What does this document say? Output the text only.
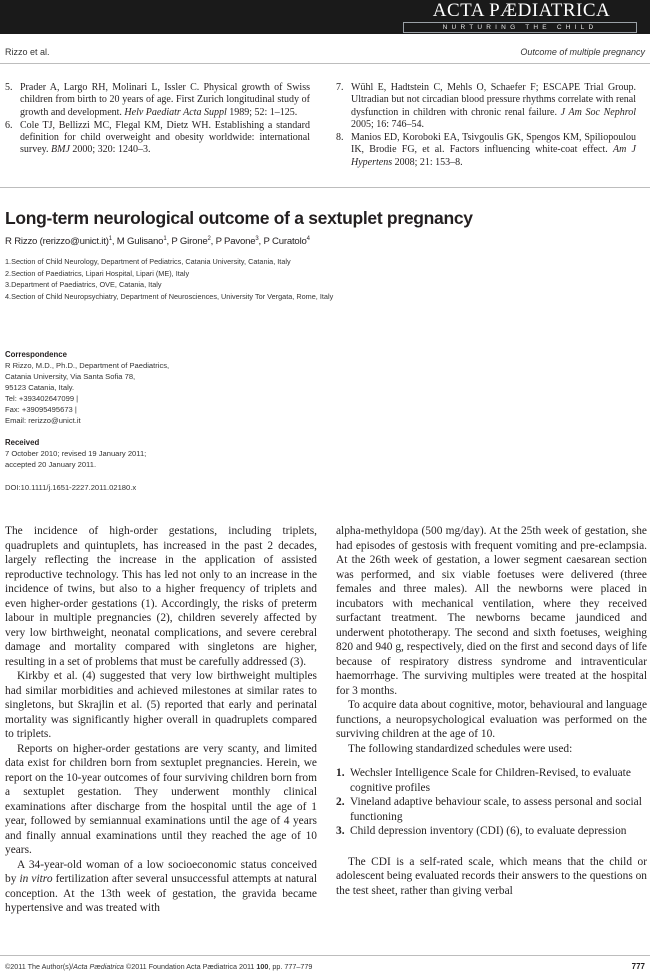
ACTA PÆDIATRICA
NURTURING THE CHILD
Rizzo et al.	Outcome of multiple pregnancy
5. Prader A, Largo RH, Molinari L, Issler C. Physical growth of Swiss children from birth to 20 years of age. First Zurich longitudinal study of growth and development. Helv Paediatr Acta Suppl 1989; 52: 1–125.
6. Cole TJ, Bellizzi MC, Flegal KM, Dietz WH. Establishing a standard definition for child overweight and obesity worldwide: international survey. BMJ 2000; 320: 1240–3.
7. Wühl E, Hadtstein C, Mehls O, Schaefer F; ESCAPE Trial Group. Ultradian but not circadian blood pressure rhythms correlate with renal dysfunction in children with chronic renal failure. J Am Soc Nephrol 2005; 16: 746–54.
8. Manios ED, Koroboki EA, Tsivgoulis GK, Spengos KM, Spiliopoulou IK, Brodie FG, et al. Factors influencing white-coat effect. Am J Hypertens 2008; 21: 153–8.
Long-term neurological outcome of a sextuplet pregnancy
R Rizzo (rerizzo@unict.it)$^1$, M Gulisano$^1$, P Girone$^2$, P Pavone$^3$, P Curatolo$^4$
1.Section of Child Neurology, Department of Pediatrics, Catania University, Catania, Italy
2.Section of Paediatrics, Lipari Hospital, Lipari (ME), Italy
3.Department of Paediatrics, OVE, Catania, Italy
4.Section of Child Neuropsychiatry, Department of Neurosciences, University Tor Vergata, Rome, Italy
Correspondence
R Rizzo, M.D., Ph.D., Department of Paediatrics,
Catania University, Via Santa Sofia 78,
95123 Catania, Italy.
Tel: +393402647099 |
Fax: +39095495673 |
Email: rerizzo@unict.it
Received
7 October 2010; revised 19 January 2011;
accepted 20 January 2011.
DOI:10.1111/j.1651-2227.2011.02180.x

The incidence of high-order gestations, including triplets, quadruplets and quintuplets, has increased in the past 2 decades, largely reflecting the increase in the application of assisted reproductive technology. This has led not only to an increase in the incidence of twins, but also to a higher frequency of triplets and even higher-order gestations (1). Accordingly, the risks of preterm labour in multiple pregnancies (2), children severely affected by very low birthweight, neonatal complications, and severe cerebral damage and mortality compared with singletons are higher, resulting in a set of problems that must be carefully addressed (3).

Kirkby et al. (4) suggested that very low birthweight multiples had similar morbidities and achieved milestones at similar rates to singletons, but Skrajlin et al. (5) reported that early and perinatal mortality was significantly higher overall in quadruplets compared to triplets.

Reports on higher-order gestations are very scanty, and limited data exist for children born from sextuplet pregnancies. Herein, we report on the 10-year outcomes of four surviving children born from a sextuplet gestation. They underwent monthly clinical examinations after discharge from the hospital until the age of 1 year, followed by semiannual examinations until the age of 4 years and finally annual examinations until they reached the age of 10 years.

A 34-year-old woman of a low socioeconomic status conceived by in vitro fertilization after several unsuccessful attempts at natural conception. At the 13th week of gestation, the gravida became hypertensive and was treated with

alpha-methyldopa (500 mg/day). At the 25th week of gestation, she had episodes of gestosis with frequent vomiting and pre-eclampsia. At the 26th week of gestation, a lower segment caesarean section was performed, and six viable foetuses were delivered (three females and three males). All the newborns were placed in incubators with mechanical ventilation, where they received surfactant treatment. The newborns became jaundiced and underwent phototherapy. The second and sixth foetuses, weighing 820 and 940 g, respectively, died on the first and second days of life because of respiratory distress syndrome and intraventicular haemorrhage. The surviving multiples were treated at the hospital for 3 months.

To acquire data about cognitive, motor, behavioural and language functions, a neuropsychological evaluation was performed on the surviving children at the age of 10.

The following standardized schedules were used:

1. Wechsler Intelligence Scale for Children-Revised, to evaluate cognitive profiles
2. Vineland adaptive behaviour scale, to assess personal and social functioning
3. Child depression inventory (CDI) (6), to evaluate depression

The CDI is a self-rated scale, which means that the child or adolescent being evaluated records their answers to the questions on the test sheet, rather than giving verbal

©2011 The Author(s)/Acta Pædiatrica ©2011 Foundation Acta Pædiatrica 2011 100, pp. 777–779	777
